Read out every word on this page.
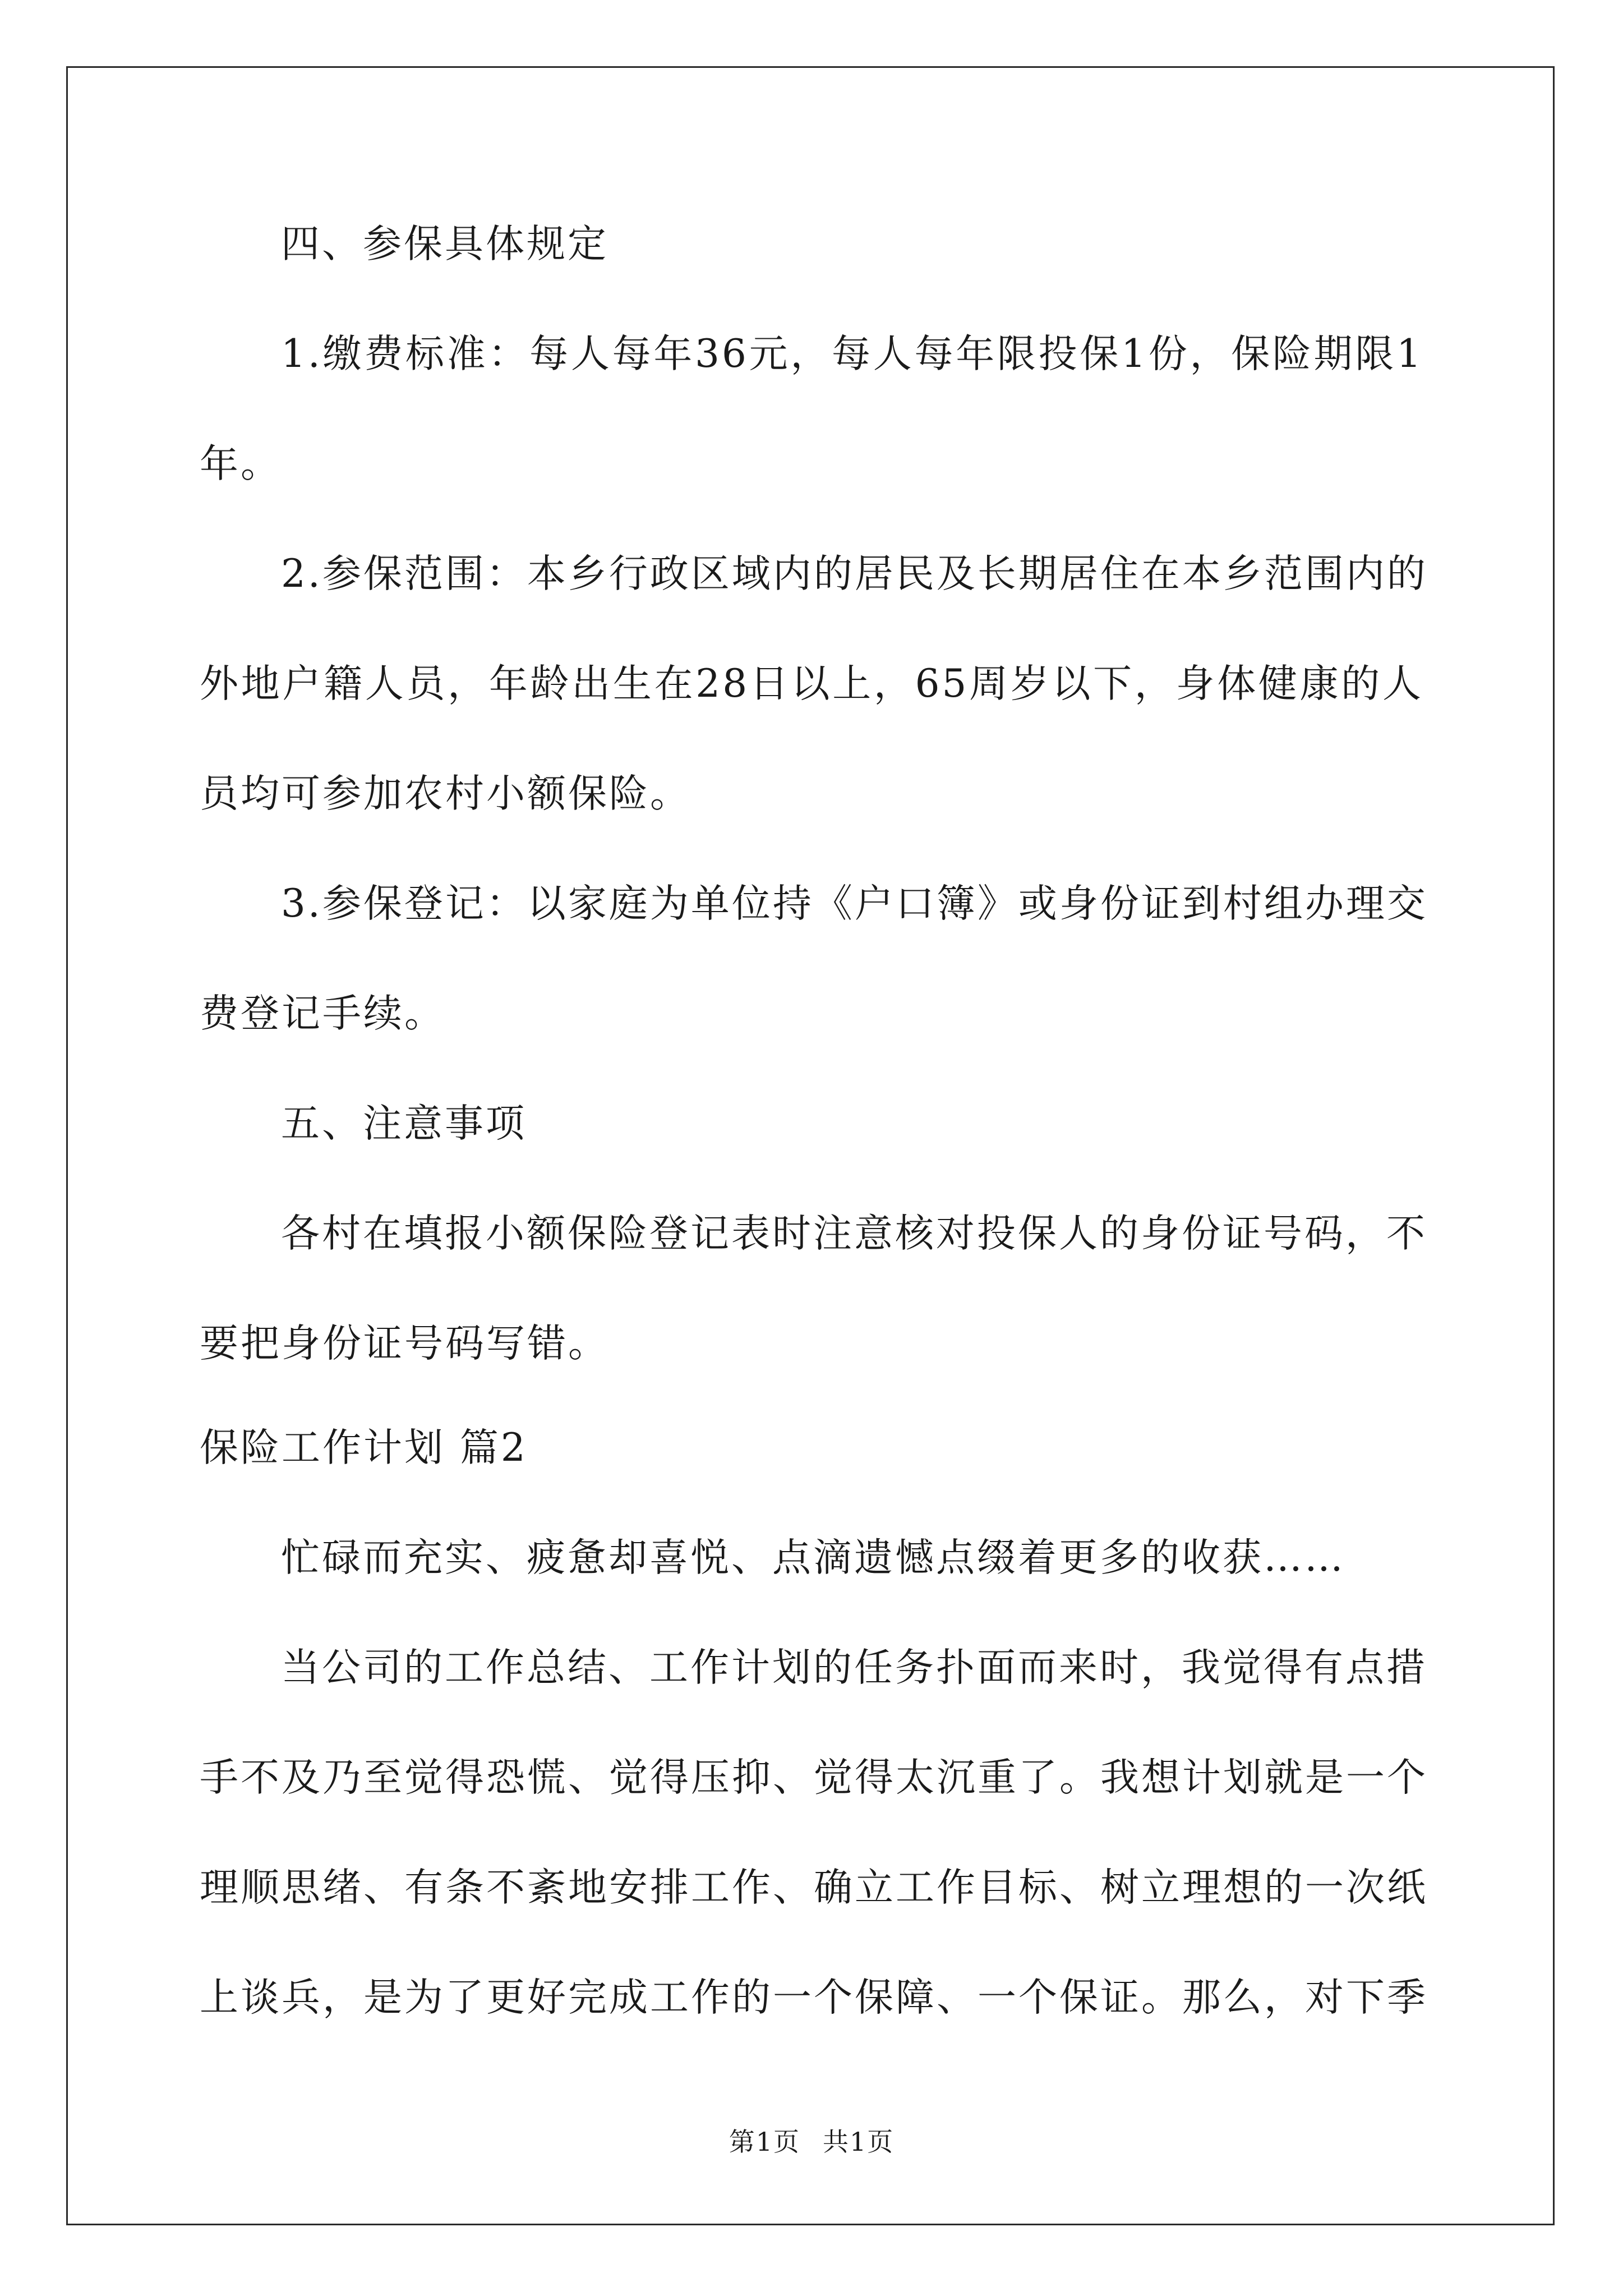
四、参保具体规定
1.缴费标准：每人每年36元，每人每年限投保1份，保险期限1
年。
2.参保范围：本乡行政区域内的居民及长期居住在本乡范围内的
外地户籍人员，年龄出生在28日以上，65周岁以下，身体健康的人
员均可参加农村小额保险。
3.参保登记：以家庭为单位持《户口簿》或身份证到村组办理交
费登记手续。
五、注意事项
各村在填报小额保险登记表时注意核对投保人的身份证号码，不
要把身份证号码写错。
保险工作计划 篇2
忙碌而充实、疲惫却喜悦、点滴遗憾点缀着更多的收获……
当公司的工作总结、工作计划的任务扑面而来时，我觉得有点措
手不及乃至觉得恐慌、觉得压抑、觉得太沉重了。我想计划就是一个
理顺思绪、有条不紊地安排工作、确立工作目标、树立理想的一次纸
上谈兵，是为了更好完成工作的一个保障、一个保证。那么，对下季
第1页 共1页
